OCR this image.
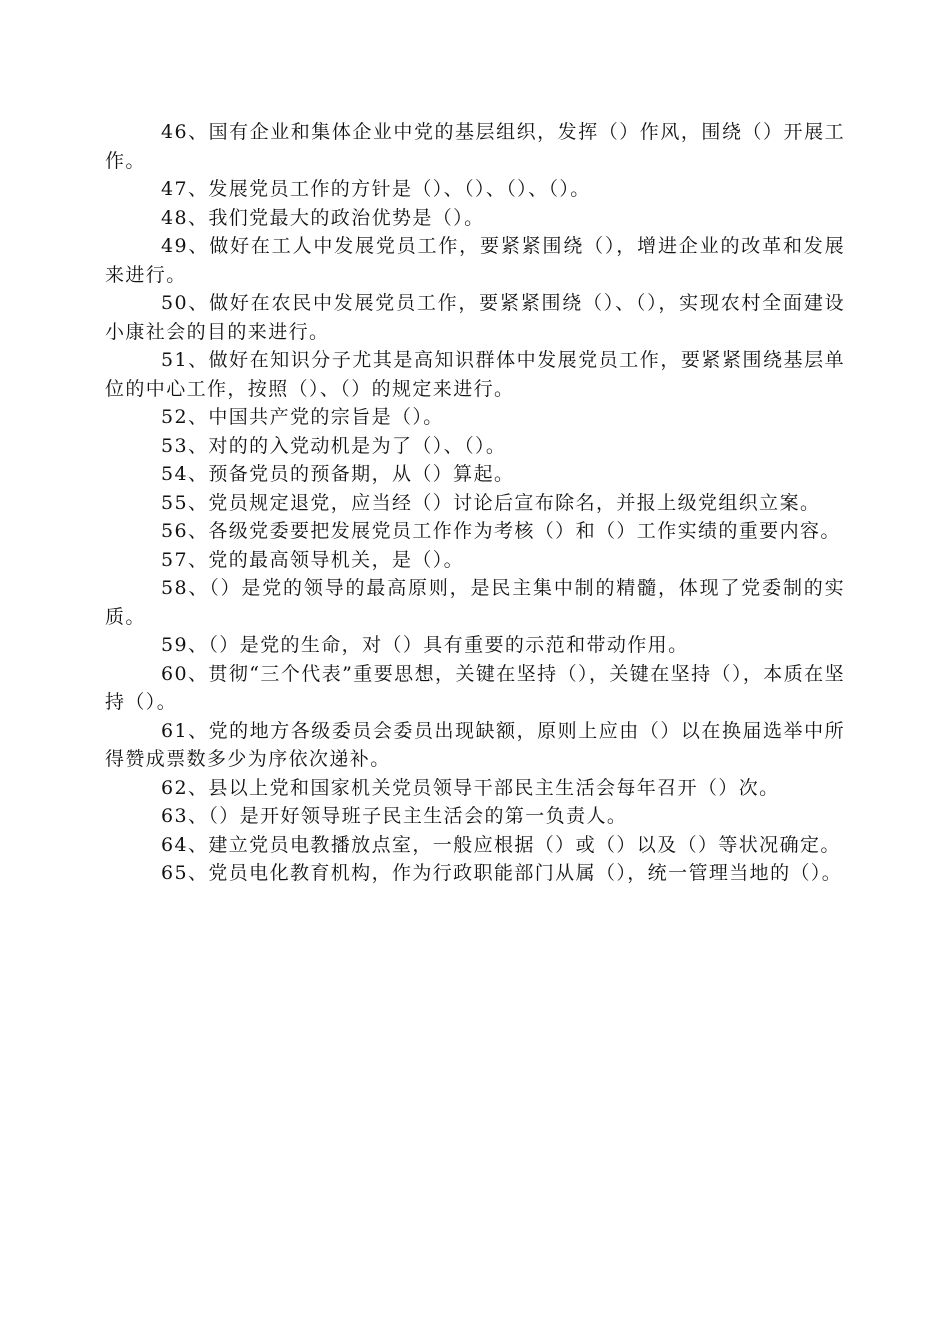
46、国有企业和集体企业中党的基层组织，发挥（）作风，围绕（）开展工作。

47、发展党员工作的方针是（）、（）、（）、（）。

48、我们党最大的政治优势是（）。

49、做好在工人中发展党员工作，要紧紧围绕（），增进企业的改革和发展来进行。

50、做好在农民中发展党员工作，要紧紧围绕（）、（），实现农村全面建设小康社会的目的来进行。

51、做好在知识分子尤其是高知识群体中发展党员工作，要紧紧围绕基层单位的中心工作，按照（）、（）的规定来进行。

52、中国共产党的宗旨是（）。

53、对的的入党动机是为了（）、（）。

54、预备党员的预备期，从（）算起。

55、党员规定退党，应当经（）讨论后宣布除名，并报上级党组织立案。

56、各级党委要把发展党员工作作为考核（）和（）工作实绩的重要内容。

57、党的最高领导机关，是（）。

58、（）是党的领导的最高原则，是民主集中制的精髓，体现了党委制的实质。

59、（）是党的生命，对（）具有重要的示范和带动作用。

60、贯彻“三个代表”重要思想，关键在坚持（），关键在坚持（），本质在坚持（）。

61、党的地方各级委员会委员出现缺额，原则上应由（）以在换届选举中所得赞成票数多少为序依次递补。

62、县以上党和国家机关党员领导干部民主生活会每年召开（）次。

63、（）是开好领导班子民主生活会的第一负责人。

64、建立党员电教播放点室，一般应根据（）或（）以及（）等状况确定。

65、党员电化教育机构，作为行政职能部门从属（），统一管理当地的（）。
